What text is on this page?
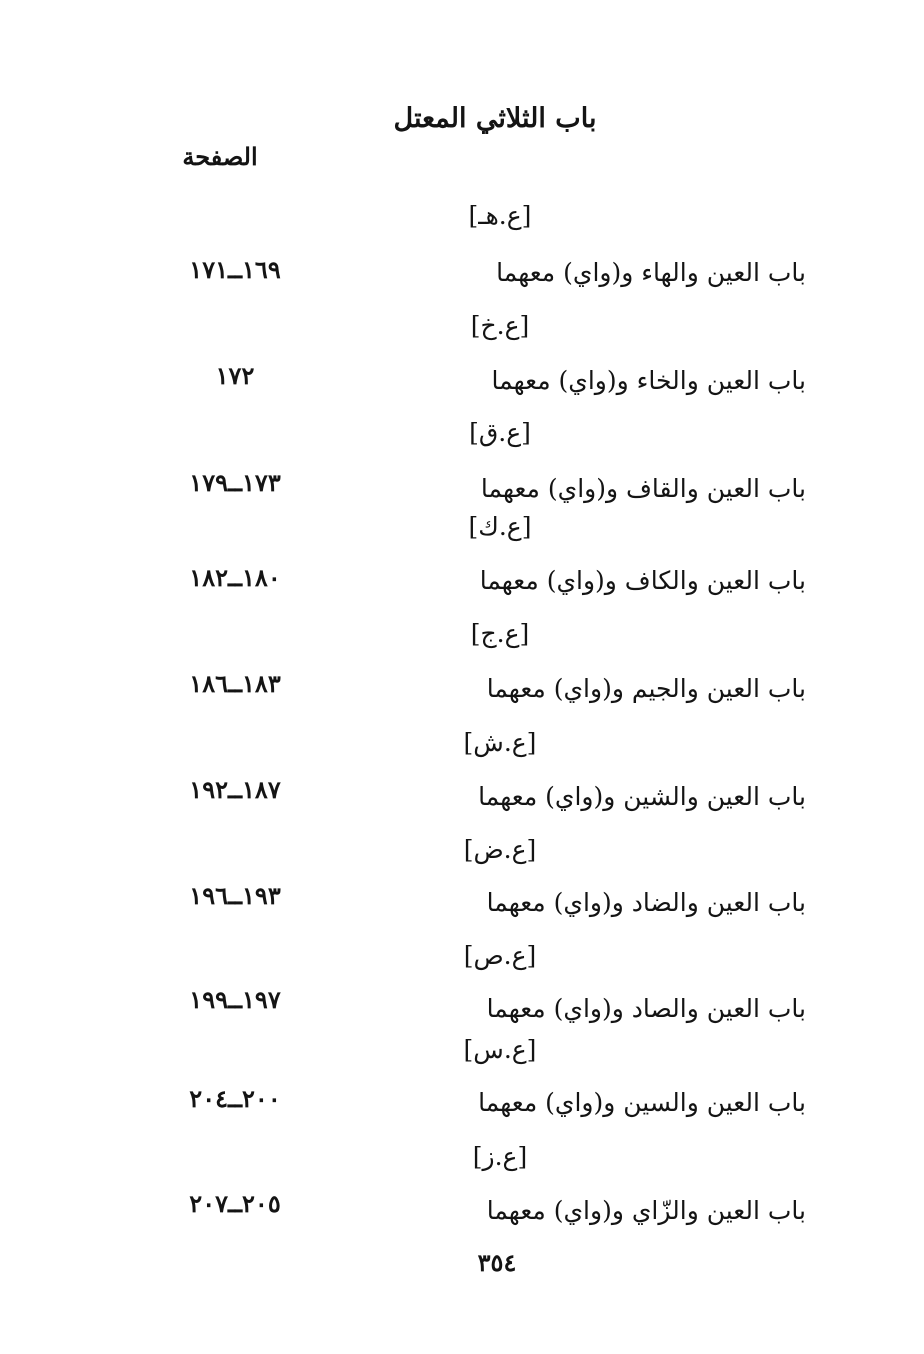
باب الثلاثي المعتل
الصفحة
[ع.هـ]
باب العين والهاء و(واي) معهما
١٦٩ــ١٧١
[ع.خ]
باب العين والخاء و(واي) معهما
١٧٢
[ع.ق]
باب العين والقاف و(واي) معهما
١٧٣ــ١٧٩
[ع.ك]
باب العين والكاف و(واي) معهما
١٨٠ــ١٨٢
[ع.ج]
باب العين والجيم و(واي) معهما
١٨٣ــ١٨٦
[ع.ش]
باب العين والشين و(واي) معهما
١٨٧ــ١٩٢
[ع.ض]
باب العين والضاد و(واي) معهما
١٩٣ــ١٩٦
[ع.ص]
باب العين والصاد و(واي) معهما
١٩٧ــ١٩٩
[ع.س]
باب العين والسين و(واي) معهما
٢٠٠ــ٢٠٤
[ع.ز]
باب العين والزّاي و(واي) معهما
٢٠٥ــ٢٠٧
٣٥٤
